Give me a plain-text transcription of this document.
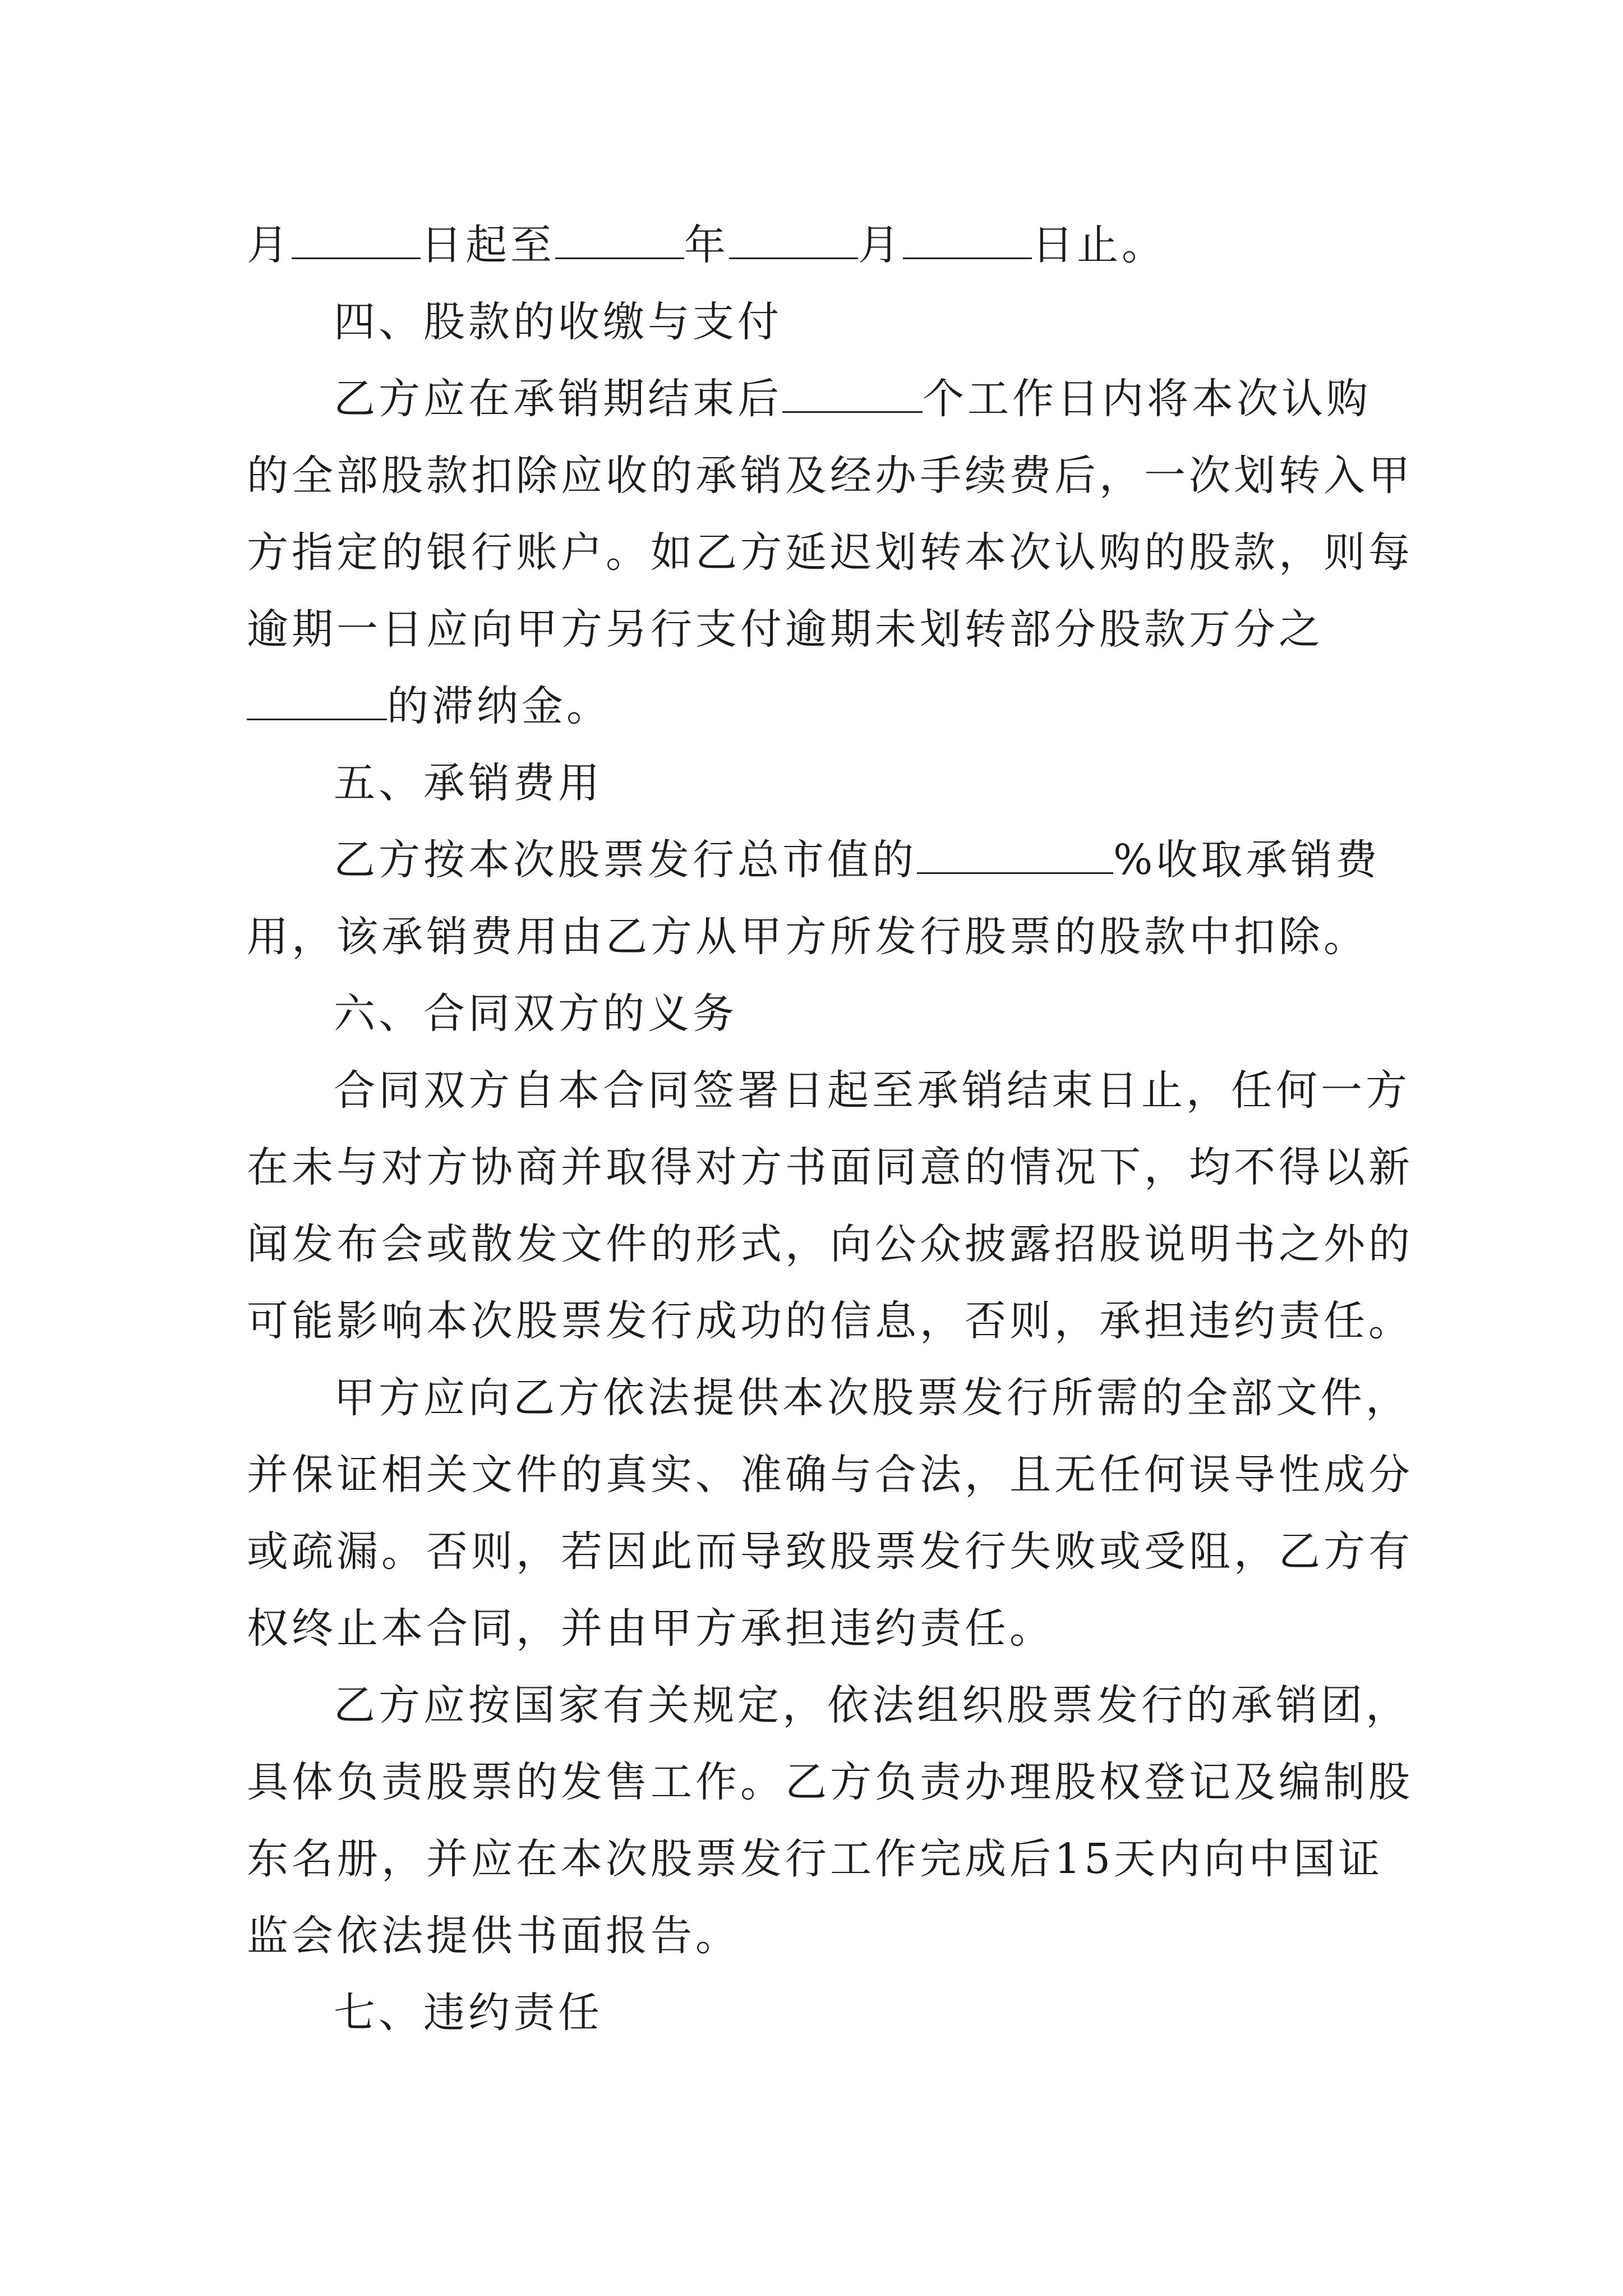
月	日起至	年	月	日止。
四、股款的收缴与支付
乙方应在承销期结束后	个工作日内将本次认购
的全部股款扣除应收的承销及经办手续费后，一次划转入甲
方指定的银行账户。如乙方延迟划转本次认购的股款，则每
逾期一日应向甲方另行支付逾期未划转部分股款万分之
的滞纳金。
五、承销费用
乙方按本次股票发行总市值的	%收取承销费
用，该承销费用由乙方从甲方所发行股票的股款中扣除。
六、合同双方的义务
合同双方自本合同签署日起至承销结束日止，任何一方
在未与对方协商并取得对方书面同意的情况下，均不得以新
闻发布会或散发文件的形式，向公众披露招股说明书之外的
可能影响本次股票发行成功的信息，否则，承担违约责任。
甲方应向乙方依法提供本次股票发行所需的全部文件，
并保证相关文件的真实、准确与合法，且无任何误导性成分
或疏漏。否则，若因此而导致股票发行失败或受阻，乙方有
权终止本合同，并由甲方承担违约责任。
乙方应按国家有关规定，依法组织股票发行的承销团，
具体负责股票的发售工作。乙方负责办理股权登记及编制股
东名册，并应在本次股票发行工作完成后15天内向中国证
监会依法提供书面报告。
七、违约责任
